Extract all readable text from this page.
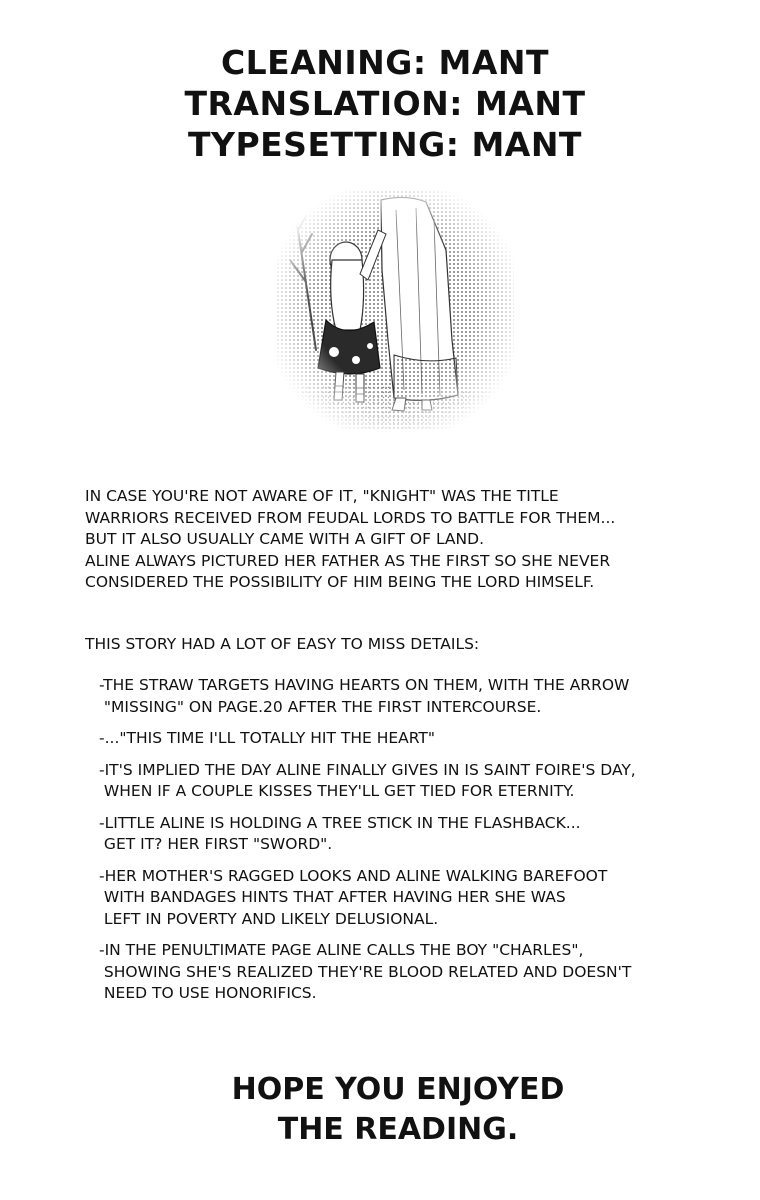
CLEANING: MANT
TRANSLATION: MANT
TYPESETTING: MANT

IN CASE YOU'RE NOT AWARE OF IT, "KNIGHT" WAS THE TITLE

WARRIORS RECEIVED FROM FEUDAL LORDS TO BATTLE FOR THEM...

BUT IT ALSO USUALLY CAME WITH A GIFT OF LAND.

ALINE ALWAYS PICTURED HER FATHER AS THE FIRST SO SHE NEVER

CONSIDERED THE POSSIBILITY OF HIM BEING THE LORD HIMSELF.

THIS STORY HAD A LOT OF EASY TO MISS DETAILS:

-THE STRAW TARGETS HAVING HEARTS ON THEM, WITH THE ARROW
"MISSING" ON PAGE.20 AFTER THE FIRST INTERCOURSE.
-..."THIS TIME I'LL TOTALLY HIT THE HEART"
-IT'S IMPLIED THE DAY ALINE FINALLY GIVES IN IS SAINT FOIRE'S DAY,
WHEN IF A COUPLE KISSES THEY'LL GET TIED FOR ETERNITY.
-LITTLE ALINE IS HOLDING A TREE STICK IN THE FLASHBACK...
GET IT? HER FIRST "SWORD".
-HER MOTHER'S RAGGED LOOKS AND ALINE WALKING BAREFOOT
WITH BANDAGES HINTS THAT AFTER HAVING HER SHE WAS
LEFT IN POVERTY AND LIKELY DELUSIONAL.
-IN THE PENULTIMATE PAGE ALINE CALLS THE BOY "CHARLES",
SHOWING SHE'S REALIZED THEY'RE BLOOD RELATED AND DOESN'T
NEED TO USE HONORIFICS.
HOPE YOU ENJOYED
THE READING.
